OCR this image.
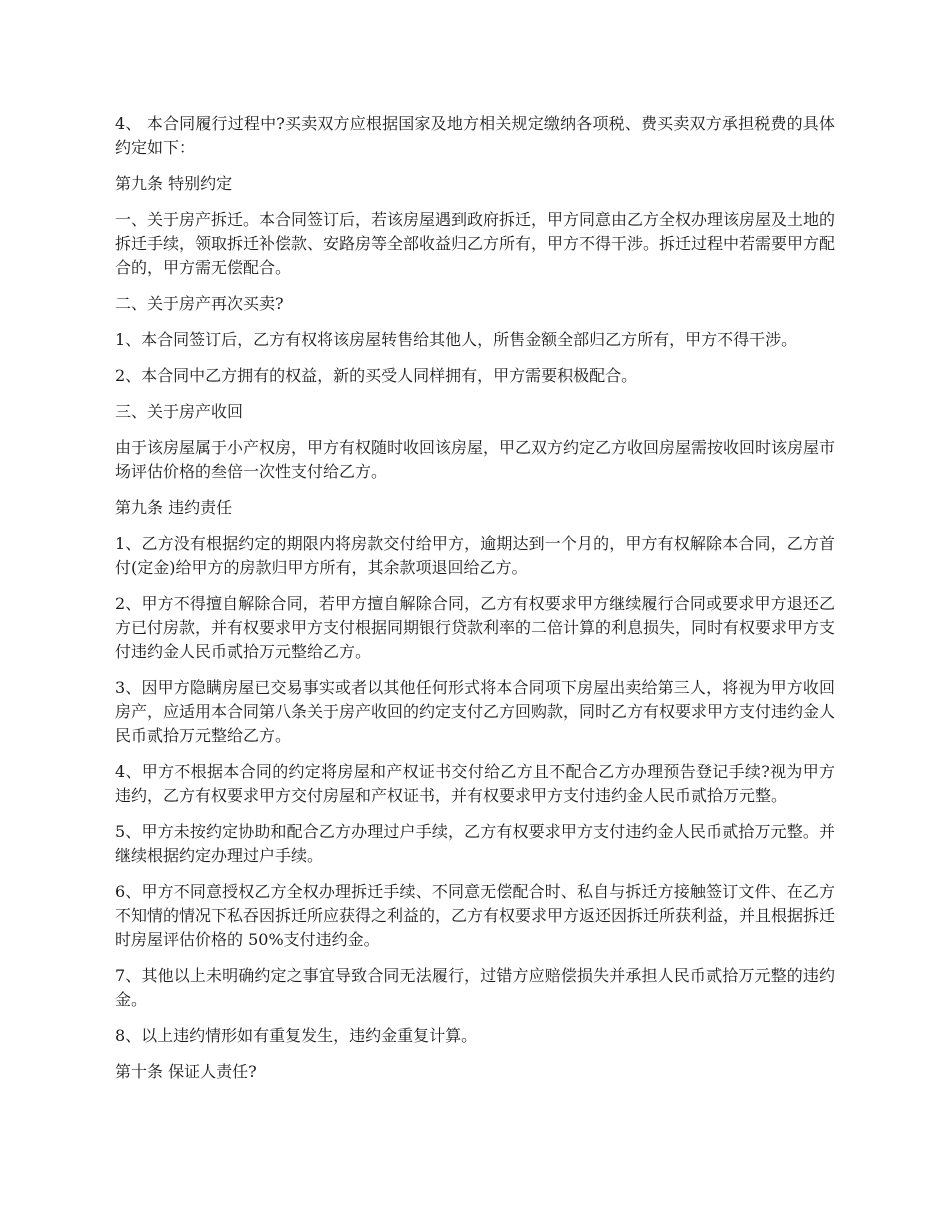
4、 本合同履行过程中?买卖双方应根据国家及地方相关规定缴纳各项税、费买卖双方承担税费的具体约定如下：

第九条 特别约定

一、关于房产拆迁。本合同签订后，若该房屋遇到政府拆迁，甲方同意由乙方全权办理该房屋及土地的拆迁手续，领取拆迁补偿款、安路房等全部收益归乙方所有，甲方不得干涉。拆迁过程中若需要甲方配合的，甲方需无偿配合。

二、关于房产再次买卖?

1、本合同签订后，乙方有权将该房屋转售给其他人，所售金额全部归乙方所有，甲方不得干涉。

2、本合同中乙方拥有的权益，新的买受人同样拥有，甲方需要积极配合。

三、关于房产收回

由于该房屋属于小产权房，甲方有权随时收回该房屋，甲乙双方约定乙方收回房屋需按收回时该房屋市场评估价格的叁倍一次性支付给乙方。

第九条 违约责任

1、乙方没有根据约定的期限内将房款交付给甲方，逾期达到一个月的，甲方有权解除本合同，乙方首付(定金)给甲方的房款归甲方所有，其余款项退回给乙方。

2、甲方不得擅自解除合同，若甲方擅自解除合同，乙方有权要求甲方继续履行合同或要求甲方退还乙方已付房款，并有权要求甲方支付根据同期银行贷款利率的二倍计算的利息损失，同时有权要求甲方支付违约金人民币贰拾万元整给乙方。

3、因甲方隐瞒房屋已交易事实或者以其他任何形式将本合同项下房屋出卖给第三人，将视为甲方收回房产，应适用本合同第八条关于房产收回的约定支付乙方回购款，同时乙方有权要求甲方支付违约金人民币贰拾万元整给乙方。

4、甲方不根据本合同的约定将房屋和产权证书交付给乙方且不配合乙方办理预告登记手续?视为甲方违约，乙方有权要求甲方交付房屋和产权证书，并有权要求甲方支付违约金人民币贰拾万元整。

5、甲方未按约定协助和配合乙方办理过户手续，乙方有权要求甲方支付违约金人民币贰拾万元整。并继续根据约定办理过户手续。

6、甲方不同意授权乙方全权办理拆迁手续、不同意无偿配合时、私自与拆迁方接触签订文件、在乙方不知情的情况下私吞因拆迁所应获得之利益的，乙方有权要求甲方返还因拆迁所获利益，并且根据拆迁时房屋评估价格的 50%支付违约金。

7、其他以上未明确约定之事宜导致合同无法履行，过错方应赔偿损失并承担人民币贰拾万元整的违约金。

8、以上违约情形如有重复发生，违约金重复计算。

第十条 保证人责任?
